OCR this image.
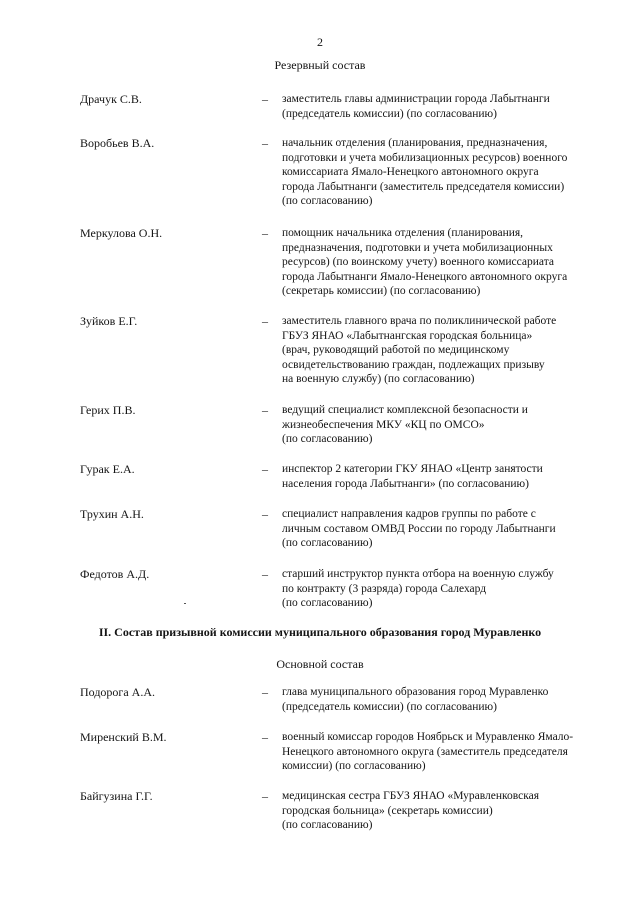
2
Резервный состав
Драчук С.В.	– заместитель главы администрации города Лабытнанги
(председатель комиссии) (по согласованию)
Воробьев В.А.	– начальник отделения (планирования, предназначения,
подготовки и учета мобилизационных ресурсов) военного
комиссариата Ямало-Ненецкого автономного округа
города Лабытнанги (заместитель председателя комиссии)
(по согласованию)
Меркулова О.Н.	– помощник начальника отделения (планирования,
предназначения, подготовки и учета мобилизационных
ресурсов) (по воинскому учету) военного комиссариата
города Лабытнанги Ямало-Ненецкого автономного округа
(секретарь комиссии) (по согласованию)
Зуйков Е.Г.	– заместитель главного врача по поликлинической работе
ГБУЗ ЯНАО «Лабытнангская городская больница»
(врач, руководящий работой по медицинскому
освидетельствованию граждан, подлежащих призыву
на военную службу) (по согласованию)
Герих П.В.	– ведущий специалист комплексной безопасности и
жизнеобеспечения МКУ «КЦ по ОМСО»
(по согласованию)
Гурак Е.А.	– инспектор 2 категории ГКУ ЯНАО «Центр занятости
населения города Лабытнанги» (по согласованию)
Трухин А.Н.	– специалист направления кадров группы по работе с
личным составом ОМВД России по городу Лабытнанги
(по согласованию)
Федотов А.Д.	– старший инструктор пункта отбора на военную службу
по контракту (3 разряда) города Салехард
(по согласованию)
II. Состав призывной комиссии муниципального образования город Муравленко
Основной состав
Подорога А.А.	– глава муниципального образования город Муравленко
(председатель комиссии) (по согласованию)
Миренский В.М.	– военный комиссар городов Ноябрьск и Муравленко Ямало-
Ненецкого автономного округа (заместитель председателя
комиссии) (по согласованию)
Байгузина Г.Г.	– медицинская сестра ГБУЗ ЯНАО «Муравленковская
городская больница» (секретарь комиссии)
(по согласованию)
